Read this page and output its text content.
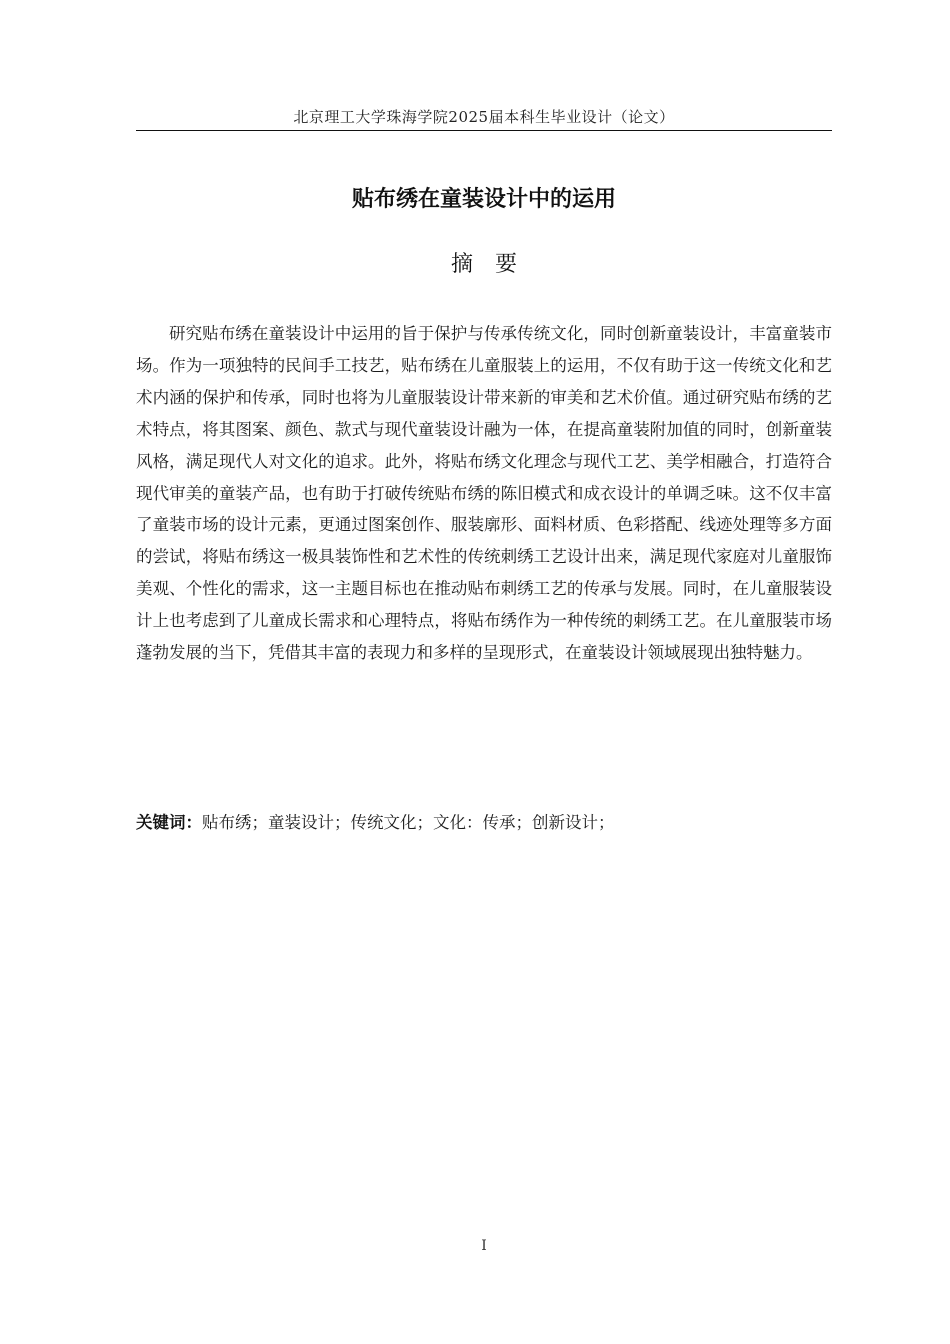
北京理工大学珠海学院2025届本科生毕业设计（论文）
贴布绣在童装设计中的运用
摘要

研究贴布绣在童装设计中运用的旨于保护与传承传统文化，同时创新童装设计，丰富童装市场。作为一项独特的民间手工技艺，贴布绣在儿童服装上的运用，不仅有助于这一传统文化和艺术内涵的保护和传承，同时也将为儿童服装设计带来新的审美和艺术价值。通过研究贴布绣的艺术特点，将其图案、颜色、款式与现代童装设计融为一体，在提高童装附加值的同时，创新童装风格，满足现代人对文化的追求。此外，将贴布绣文化理念与现代工艺、美学相融合，打造符合现代审美的童装产品，也有助于打破传统贴布绣的陈旧模式和成衣设计的单调乏味。这不仅丰富了童装市场的设计元素，更通过图案创作、服装廓形、面料材质、色彩搭配、线迹处理等多方面的尝试，将贴布绣这一极具装饰性和艺术性的传统刺绣工艺设计出来，满足现代家庭对儿童服饰美观、个性化的需求，这一主题目标也在推动贴布刺绣工艺的传承与发展。同时，在儿童服装设计上也考虑到了儿童成长需求和心理特点，将贴布绣作为一种传统的刺绣工艺。在儿童服装市场蓬勃发展的当下，凭借其丰富的表现力和多样的呈现形式，在童装设计领域展现出独特魅力。

关键词：贴布绣；童装设计；传统文化；文化：传承；创新设计；
I
